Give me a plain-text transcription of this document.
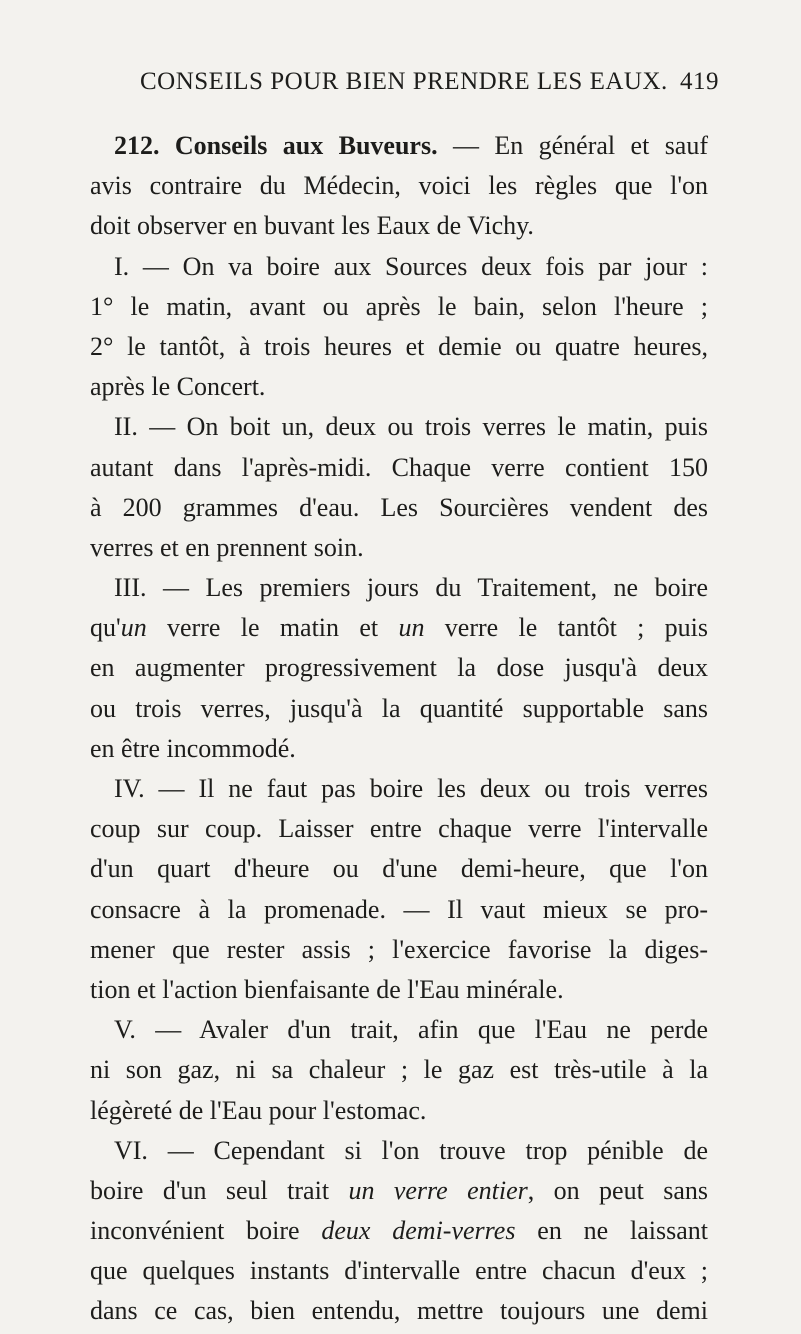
CONSEILS POUR BIEN PRENDRE LES EAUX. 419
212. Conseils aux Buveurs. — En général et sauf
avis contraire du Médecin, voici les règles que l'on
doit observer en buvant les Eaux de Vichy.
I. — On va boire aux Sources deux fois par jour :
1° le matin, avant ou après le bain, selon l'heure ;
2° le tantôt, à trois heures et demie ou quatre heures,
après le Concert.
II. — On boit un, deux ou trois verres le matin, puis
autant dans l'après-midi. Chaque verre contient 150
à 200 grammes d'eau. Les Sourcières vendent des
verres et en prennent soin.
III. — Les premiers jours du Traitement, ne boire
qu'un verre le matin et un verre le tantôt ; puis
en augmenter progressivement la dose jusqu'à deux
ou trois verres, jusqu'à la quantité supportable sans
en être incommodé.
IV. — Il ne faut pas boire les deux ou trois verres
coup sur coup. Laisser entre chaque verre l'intervalle
d'un quart d'heure ou d'une demi-heure, que l'on
consacre à la promenade. — Il vaut mieux se pro-
mener que rester assis ; l'exercice favorise la diges-
tion et l'action bienfaisante de l'Eau minérale.
V. — Avaler d'un trait, afin que l'Eau ne perde
ni son gaz, ni sa chaleur ; le gaz est très-utile à la
légèreté de l'Eau pour l'estomac.
VI. — Cependant si l'on trouve trop pénible de
boire d'un seul trait un verre entier, on peut sans
inconvénient boire deux demi-verres en ne laissant
que quelques instants d'intervalle entre chacun d'eux ;
dans ce cas, bien entendu, mettre toujours une demi
